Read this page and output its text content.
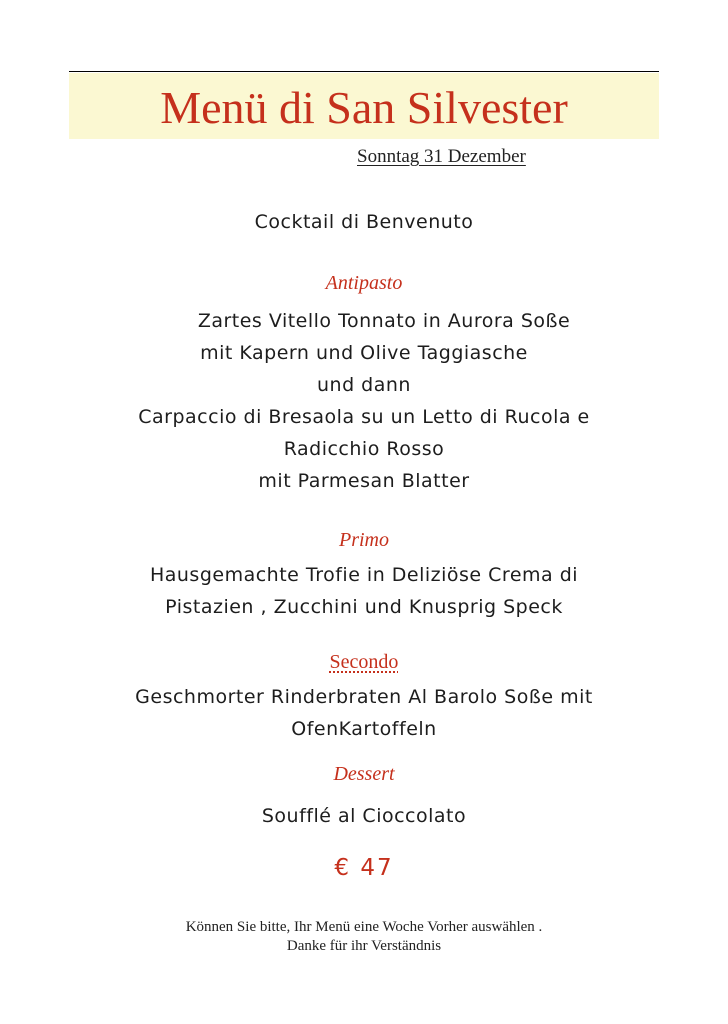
Menü di San Silvester
Sonntag 31 Dezember
Cocktail di Benvenuto
Antipasto
Zartes Vitello Tonnato in Aurora Soße
mit Kapern und Olive Taggiasche
und dann
Carpaccio di Bresaola su un Letto di Rucola e
Radicchio Rosso
mit Parmesan Blatter
Primo
Hausgemachte Trofie in Deliziöse Crema di
Pistazien , Zucchini und Knusprig Speck
Secondo
Geschmorter Rinderbraten Al Barolo Soße mit
OfenKartoffeln
Dessert
Soufflé al Cioccolato
€ 47
Können Sie bitte, Ihr Menü eine Woche Vorher auswählen .
Danke für ihr Verständnis
